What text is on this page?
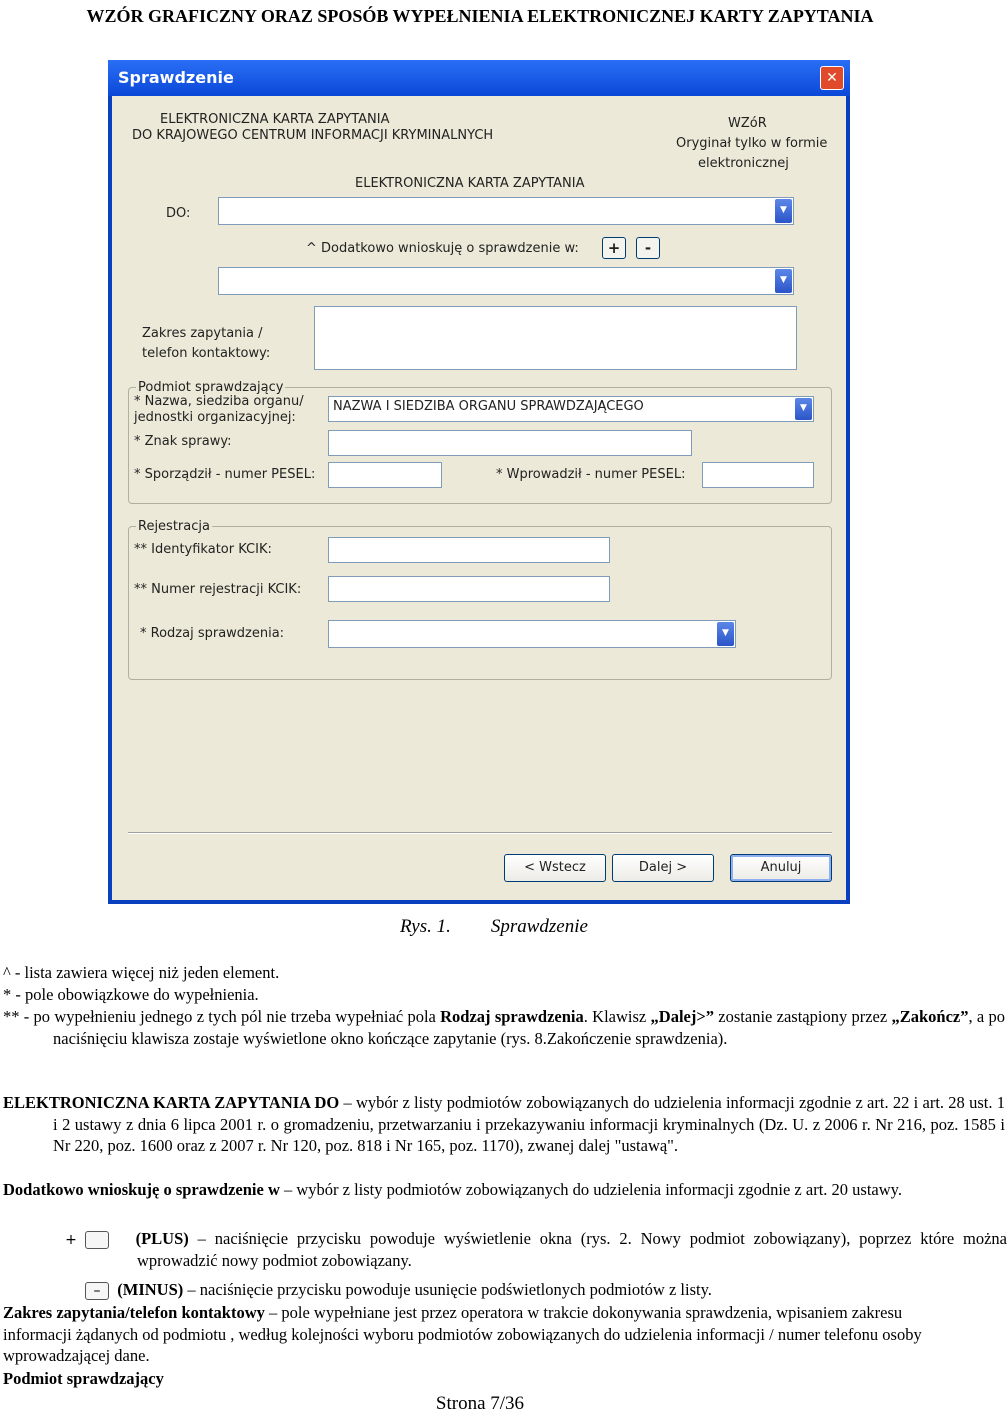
WZÓR GRAFICZNY ORAZ SPOSÓB WYPEŁNIENIA ELEKTRONICZNEJ KARTY ZAPYTANIA
Sprawdzenie	✕
ELEKTRONICZNA KARTA ZAPYTANIA
DO KRAJOWEGO CENTRUM INFORMACJI KRYMINALNYCH
WZóR
Oryginał tylko w formie
elektronicznej
ELEKTRONICZNA KARTA ZAPYTANIA
DO:	▼
^ Dodatkowo wnioskuję o sprawdzenie w:	+	-
▼
Zakres zapytania /
telefon kontaktowy:
Podmiot sprawdzający
* Nazwa, siedziba organu/
jednostki organizacyjnej:
NAZWA I SIEDZIBA ORGANU SPRAWDZAJĄCEGO	▼
* Znak sprawy:
* Sporządził - numer PESEL:	* Wprowadził - numer PESEL:
Rejestracja
** Identyfikator KCIK:
** Numer rejestracji KCIK:
* Rodzaj sprawdzenia:	▼
< Wstecz	Dalej >	Anuluj
Rys. 1. Sprawdzenie
^ - lista zawiera więcej niż jeden element.
* - pole obowiązkowe do wypełnienia.
** - po wypełnieniu jednego z tych pól nie trzeba wypełniać pola Rodzaj sprawdzenia. Klawisz „Dalej>” zostanie zastąpiony przez „Zakończ”, a po naciśnięciu klawisza zostaje wyświetlone okno kończące zapytanie (rys. 8.Zakończenie sprawdzenia).
ELEKTRONICZNA KARTA ZAPYTANIA DO – wybór z listy podmiotów zobowiązanych do udzielenia informacji zgodnie z art. 22 i art. 28 ust. 1 i 2 ustawy z dnia 6 lipca 2001 r. o gromadzeniu, przetwarzaniu i przekazywaniu informacji kryminalnych (Dz. U. z 2006 r. Nr 216, poz. 1585 i Nr 220, poz. 1600 oraz z 2007 r. Nr 120, poz. 818 i Nr 165, poz. 1170), zwanej dalej "ustawą".
Dodatkowo wnioskuję o sprawdzenie w – wybór z listy podmiotów zobowiązanych do udzielenia informacji zgodnie z art. 20 ustawy.
+	(PLUS) – naciśnięcie przycisku powoduje wyświetlenie okna (rys. 2. Nowy podmiot zobowiązany), poprzez które można wprowadzić nowy podmiot zobowiązany.
– (MINUS) – naciśnięcie przycisku powoduje usunięcie podświetlonych podmiotów z listy.
Zakres zapytania/telefon kontaktowy – pole wypełniane jest przez operatora w trakcie dokonywania sprawdzenia, wpisaniem zakresu informacji żądanych od podmiotu , według kolejności wyboru podmiotów zobowiązanych do udzielenia informacji / numer telefonu osoby wprowadzającej dane.
Podmiot sprawdzający
Strona 7/36
